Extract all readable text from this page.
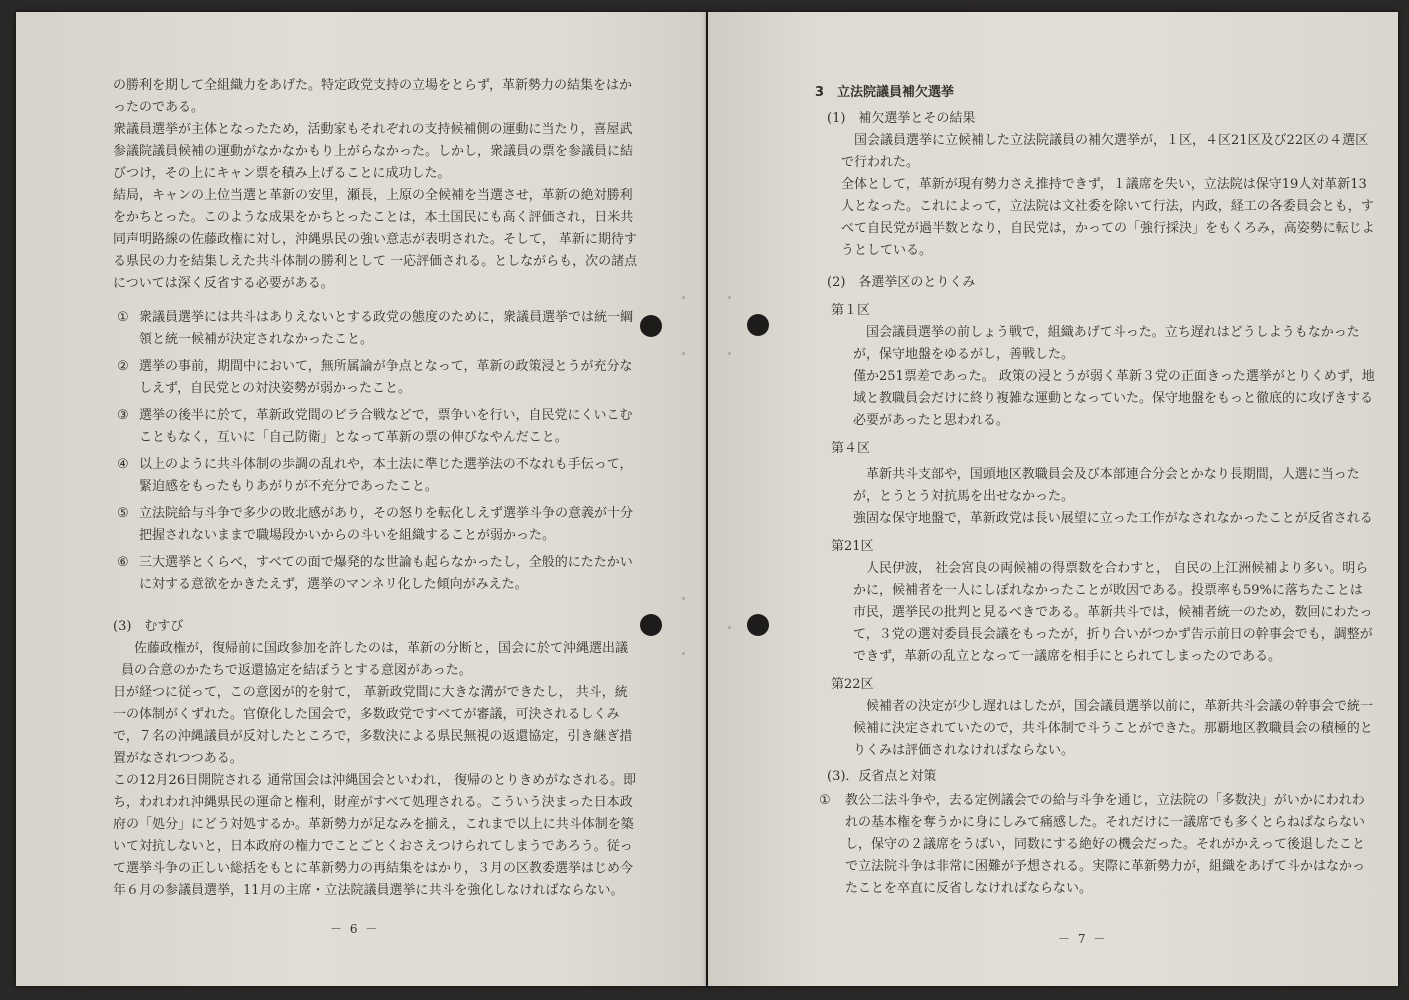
の勝利を期して全組織力をあげた。特定政党支持の立場をとらず，革新勢力の結集をはかったのである。

衆議員選挙が主体となったため，活動家もそれぞれの支持候補側の運動に当たり，喜屋武参議院議員候補の運動がなかなかもり上がらなかった。しかし，衆議員の票を参議員に結びつけ，その上にキャン票を積み上げることに成功した。

結局，キャンの上位当選と革新の安里，瀬長，上原の全候補を当選させ，革新の絶対勝利をかちとった。このような成果をかちとったことは，本土国民にも高く評価され，日米共同声明路線の佐藤政権に対し，沖縄県民の強い意志が表明された。そして， 革新に期待する県民の力を結集しえた共斗体制の勝利として 一応評価される。としながらも，次の諸点については深く反省する必要がある。

① 衆議員選挙には共斗はありえないとする政党の態度のために，衆議員選挙では統一綱領と統一候補が決定されなかったこと。
② 選挙の事前，期間中において，無所属論が争点となって，革新の政策浸とうが充分なしえず，自民党との対決姿勢が弱かったこと。
③ 選挙の後半に於て，革新政党間のビラ合戦などで，票争いを行い，自民党にくいこむこともなく，互いに「自己防衛」となって革新の票の伸びなやんだこと。
④ 以上のように共斗体制の歩調の乱れや，本土法に準じた選挙法の不なれも手伝って，緊迫感をもったもりあがりが不充分であったこと。
⑤ 立法院給与斗争で多少の敗北感があり，その怒りを転化しえず選挙斗争の意義が十分把握されないままで職場段かいからの斗いを組織することが弱かった。
⑥ 三大選挙とくらべ，すべての面で爆発的な世論も起らなかったし，全般的にたたかいに対する意欲をかきたえず，選挙のマンネリ化した傾向がみえた。

(3)　むすび

佐藤政権が，復帰前に国政参加を許したのは，革新の分断と，国会に於て沖縄選出議員の合意のかたちで返還協定を結ぼうとする意図があった。

日が経つに従って，この意図が的を射て， 革新政党間に大きな溝ができたし， 共斗，統一の体制がくずれた。官僚化した国会で，多数政党ですべてが審議，可決されるしくみで，７名の沖縄議員が反対したところで，多数決による県民無視の返還協定，引き継ぎ措置がなされつつある。

この12月26日開院される 通常国会は沖縄国会といわれ， 復帰のとりきめがなされる。即ち，われわれ沖縄県民の運命と権利，財産がすべて処理される。こういう決まった日本政府の「処分」にどう対処するか。革新勢力が足なみを揃え，これまで以上に共斗体制を築いて対抗しないと，日本政府の権力でことごとくおさえつけられてしまうであろう。従って選挙斗争の正しい総括をもとに革新勢力の再結集をはかり，３月の区教委選挙はじめ今年６月の参議員選挙，11月の主席・立法院議員選挙に共斗を強化しなければならない。

－ 6 －

3　立法院議員補欠選挙

(1)　補欠選挙とその結果

国会議員選挙に立候補した立法院議員の補欠選挙が，１区，４区21区及び22区の４選区で行われた。

全体として，革新が現有勢力さえ推持できず，１議席を失い，立法院は保守19人対革新13人となった。これによって，立法院は文社委を除いて行法，内政，経工の各委員会とも，すべて自民党が過半数となり，自民党は，かっての「強行採決」をもくろみ，高姿勢に転じようとしている。

(2)　各選挙区のとりくみ

第１区

国会議員選挙の前しょう戦で，組織あげて斗った。立ち遅れはどうしようもなかったが，保守地盤をゆるがし，善戦した。

僅か251票差であった。 政策の浸とうが弱く革新３党の正面きった選挙がとりくめず，地域と教職員会だけに終り複雑な運動となっていた。保守地盤をもっと徹底的に攻げきする必要があったと思われる。

第４区

革新共斗支部や，国頭地区教職員会及び本部連合分会とかなり長期間，人選に当ったが，とうとう対抗馬を出せなかった。

強固な保守地盤で，革新政党は長い展望に立った工作がなされなかったことが反省される

第21区

人民伊波， 社会宮良の両候補の得票数を合わすと， 自民の上江洲候補より多い。明らかに，候補者を一人にしぼれなかったことが敗因である。投票率も59%に落ちたことは市民，選挙民の批判と見るべきである。革新共斗では，候補者統一のため，数回にわたって，３党の選対委員長会議をもったが，折り合いがつかず告示前日の幹事会でも，調整ができず，革新の乱立となって一議席を相手にとられてしまったのである。

第22区

候補者の決定が少し遅れはしたが，国会議員選挙以前に，革新共斗会議の幹事会で統一候補に決定されていたので，共斗体制で斗うことができた。那覇地区教職員会の積極的とりくみは評価されなければならない。

(3)．反省点と対策

① 教公二法斗争や，去る定例議会での給与斗争を通じ，立法院の「多数決」がいかにわれわれの基本権を奪うかに身にしみて痛感した。それだけに一議席でも多くとらねばならないし，保守の２議席をうばい，同数にする絶好の機会だった。それがかえって後退したことで立法院斗争は非常に困難が予想される。実際に革新勢力が，組織をあげて斗かはなかったことを卒直に反省しなければならない。
－ 7 －
